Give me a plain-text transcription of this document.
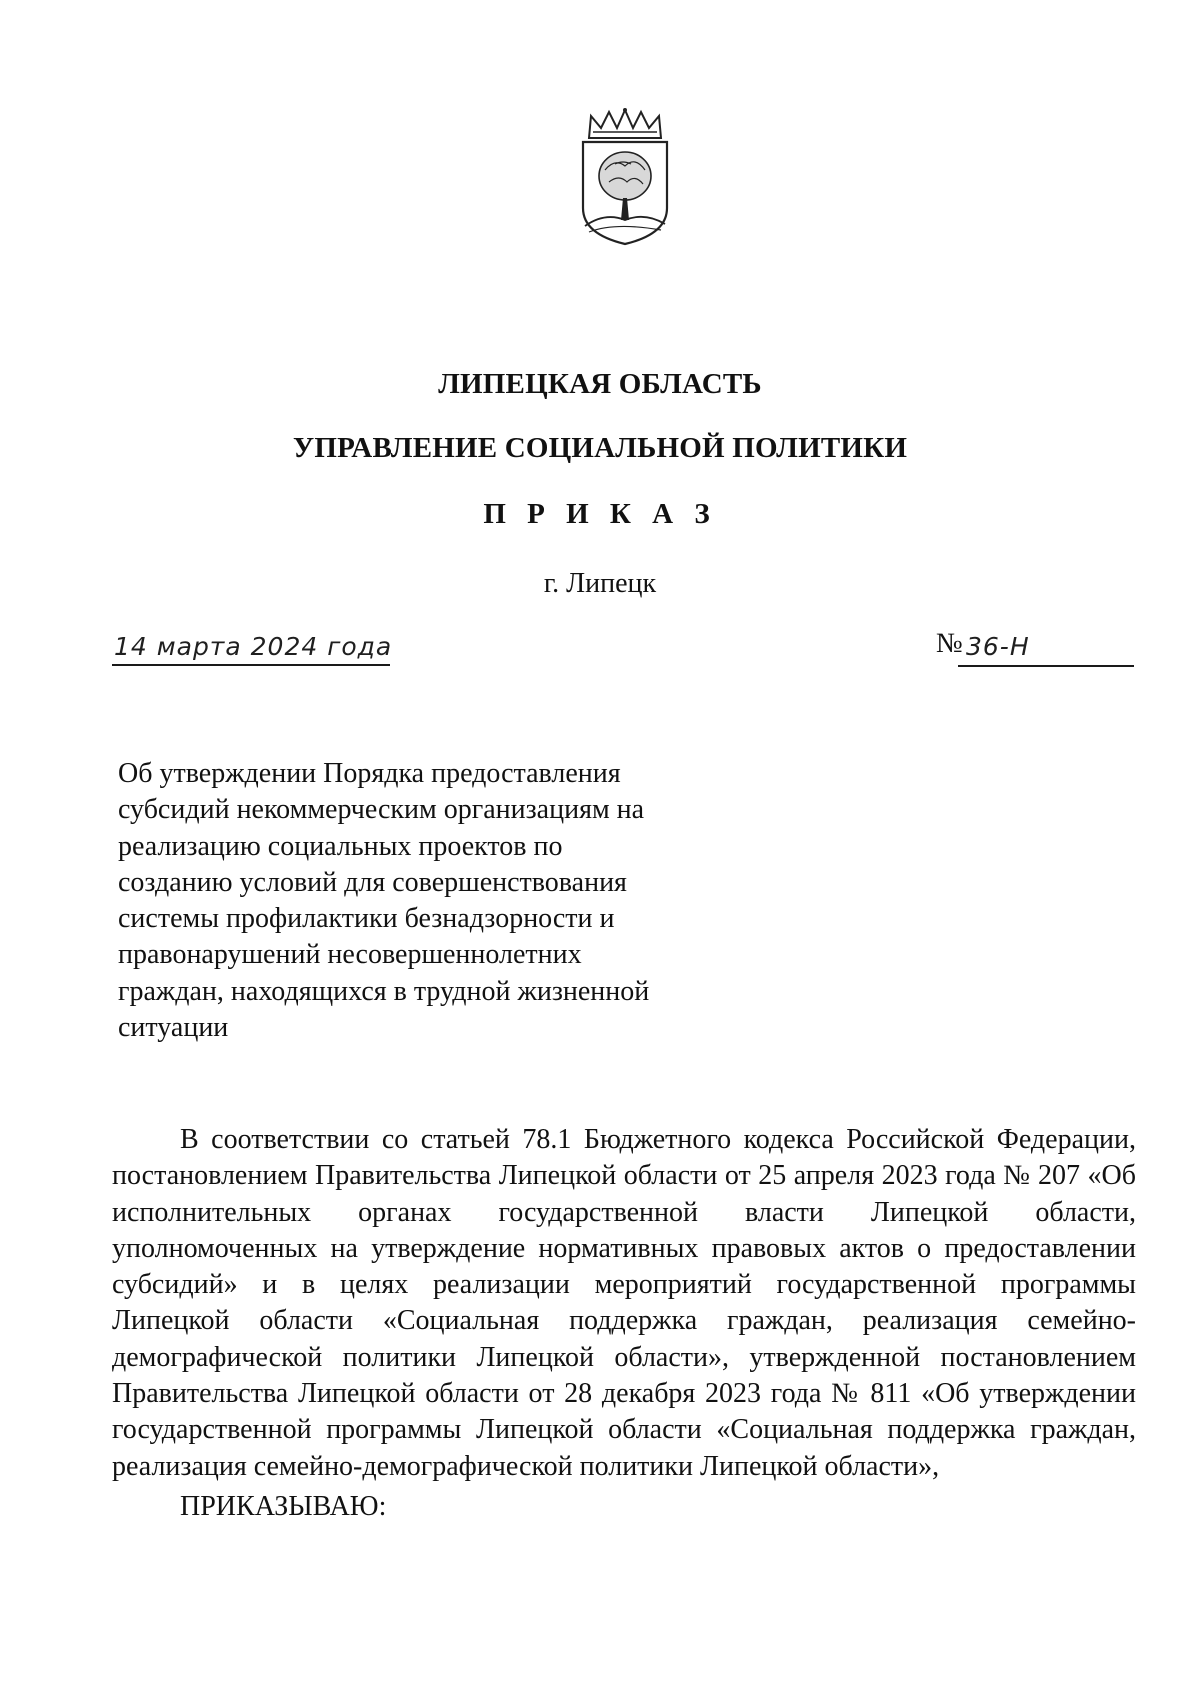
ЛИПЕЦКАЯ ОБЛАСТЬ
УПРАВЛЕНИЕ СОЦИАЛЬНОЙ ПОЛИТИКИ
П Р И К А З
г. Липецк
14 марта 2024 года	№ 36-Н
Об утверждении Порядка предоставления
субсидий некоммерческим организациям на
реализацию социальных проектов по
созданию условий для совершенствования
системы профилактики безнадзорности и
правонарушений несовершеннолетних
граждан, находящихся в трудной жизненной
ситуации
В соответствии со статьей 78.1 Бюджетного кодекса Российской Федерации, постановлением Правительства Липецкой области от 25 апреля 2023 года № 207 «Об исполнительных органах государственной власти Липецкой области, уполномоченных на утверждение нормативных правовых актов о предоставлении субсидий» и в целях реализации мероприятий государственной программы Липецкой области «Социальная поддержка граждан, реализация семейно-демографической политики Липецкой области», утвержденной постановлением Правительства Липецкой области от 28 декабря 2023 года № 811 «Об утверждении государственной программы Липецкой области «Социальная поддержка граждан, реализация семейно-демографической политики Липецкой области»,
ПРИКАЗЫВАЮ:
